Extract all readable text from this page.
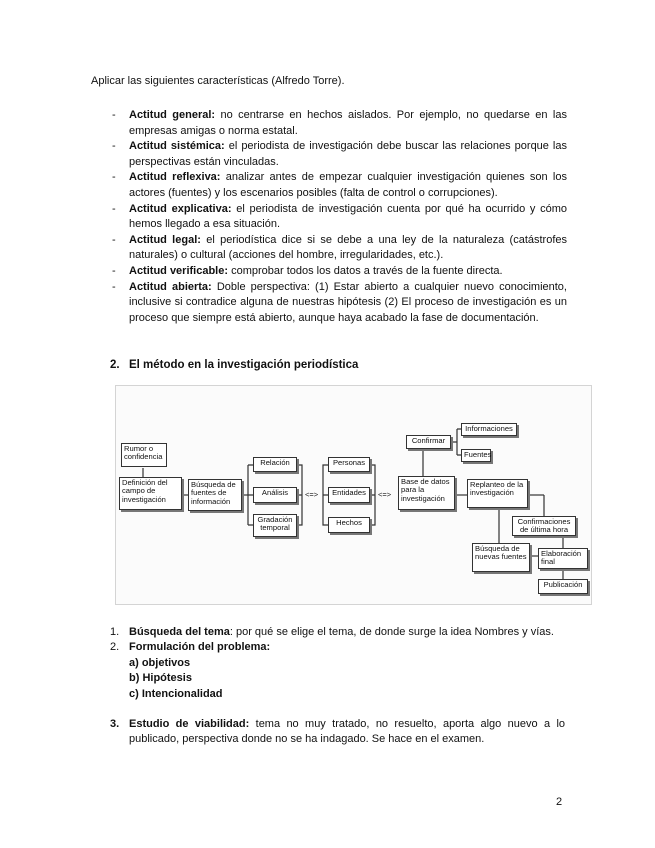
Aplicar las siguientes características (Alfredo Torre).
- Actitud general: no centrarse en hechos aislados. Por ejemplo, no quedarse en las empresas amigas o norma estatal.
- Actitud sistémica: el periodista de investigación debe buscar las relaciones porque las perspectivas están vinculadas.
- Actitud reflexiva: analizar antes de empezar cualquier investigación quienes son los actores (fuentes) y los escenarios posibles (falta de control o corrupciones).
- Actitud explicativa: el periodista de investigación cuenta por qué ha ocurrido y cómo hemos llegado a esa situación.
- Actitud legal: el periodística dice si se debe a una ley de la naturaleza (catástrofes naturales) o cultural (acciones del hombre, irregularidades, etc.).
- Actitud verificable: comprobar todos los datos a través de la fuente directa.
- Actitud abierta: Doble perspectiva: (1) Estar abierto a cualquier nuevo conocimiento, inclusive si contradice alguna de nuestras hipótesis (2) El proceso de investigación es un proceso que siempre está abierto, aunque haya acabado la fase de documentación.
2. El método en la investigación periodística
Rumor o confidencia
Definición del campo de investigación
Búsqueda de fuentes de información
Relación
Análisis
Gradación temporal
<=>
Personas
Entidades
Hechos
<=>
Base de datos para la investigación
Confirmar
Informaciones
Fuentes
Replanteo de la investigación
Confirmaciones de última hora
Búsqueda de nuevas fuentes	Elaboración final
Publicación
1. Búsqueda del tema: por qué se elige el tema, de donde surge la idea Nombres y vías.
2. Formulación del problema:
a) objetivos
b) Hipótesis
c) Intencionalidad
3. Estudio de viabilidad: tema no muy tratado, no resuelto, aporta algo nuevo a lo publicado, perspectiva donde no se ha indagado. Se hace en el examen.
2
